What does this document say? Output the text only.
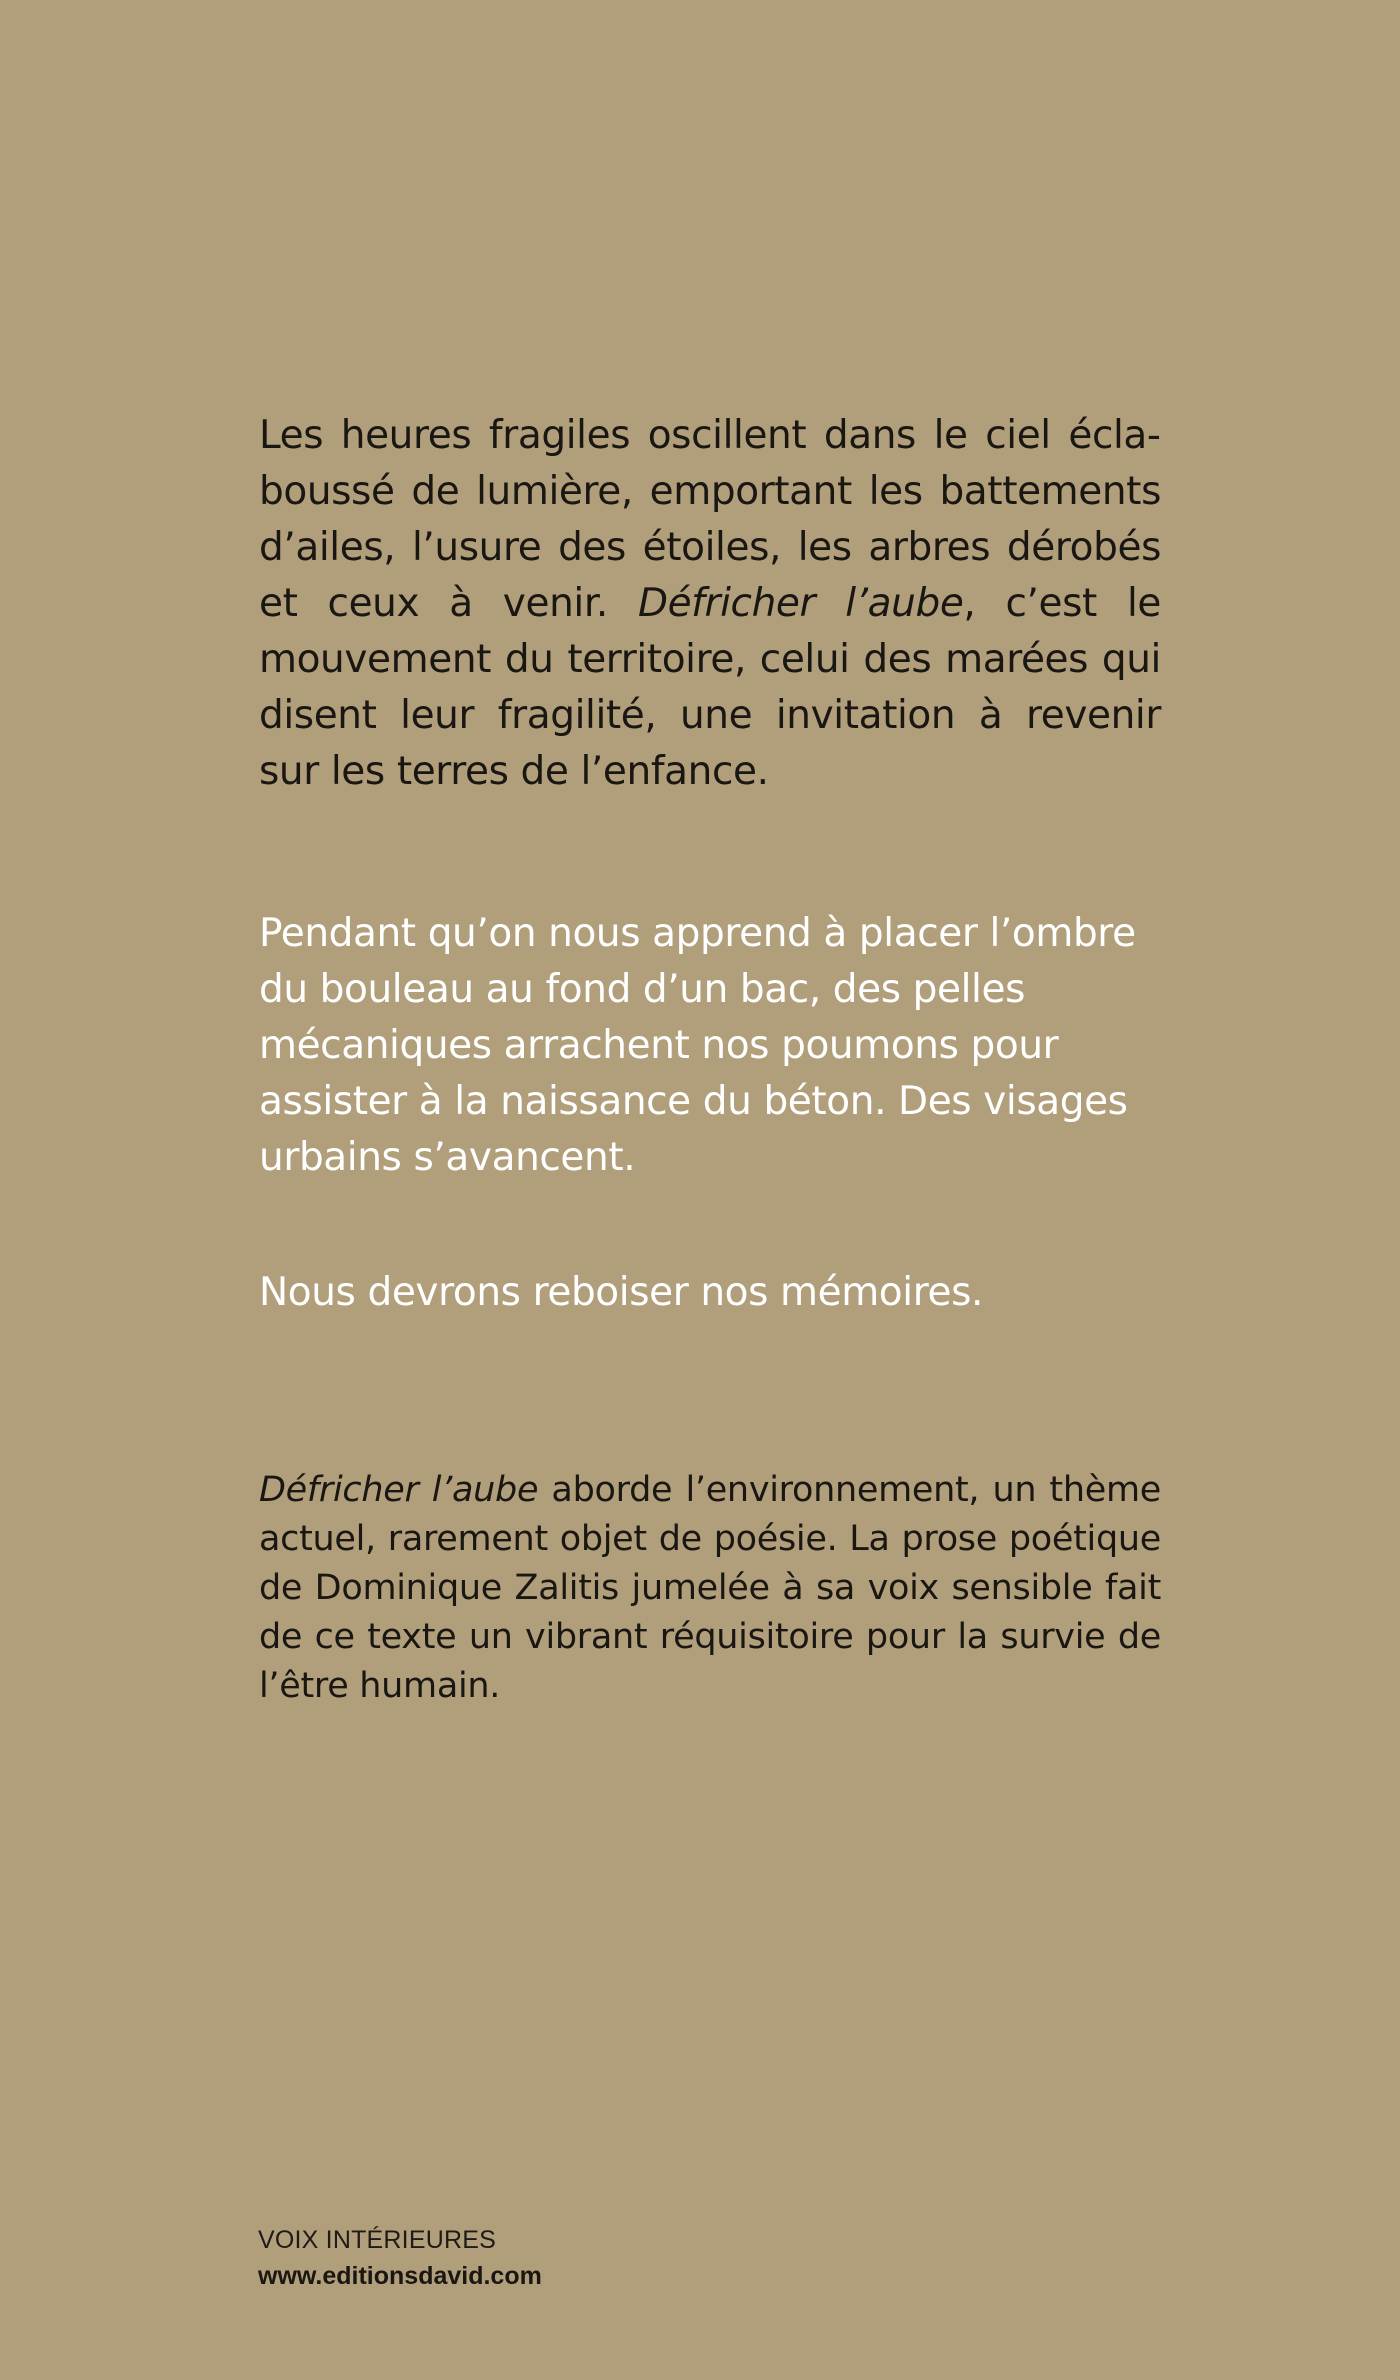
Les heures fragiles oscillent dans le ciel éclaboussé de lumière, emportant les battements d’ailes, l’usure des étoiles, les arbres dérobés et ceux à venir. Défricher l’aube, c’est le mouvement du territoire, celui des marées qui disent leur fragilité, une invitation à revenir sur les terres de l’enfance.

Pendant qu’on nous apprend à placer l’ombre du bouleau au fond d’un bac, des pelles mécaniques arrachent nos poumons pour assister à la naissance du béton. Des visages urbains s’avancent.

Nous devrons reboiser nos mémoires.

Défricher l’aube aborde l’environnement, un thème actuel, rarement objet de poésie. La prose poétique de Dominique Zalitis jumelée à sa voix sensible fait de ce texte un vibrant réquisitoire pour la survie de l’être humain.

VOIX INTÉRIEURES
www.editionsdavid.com
